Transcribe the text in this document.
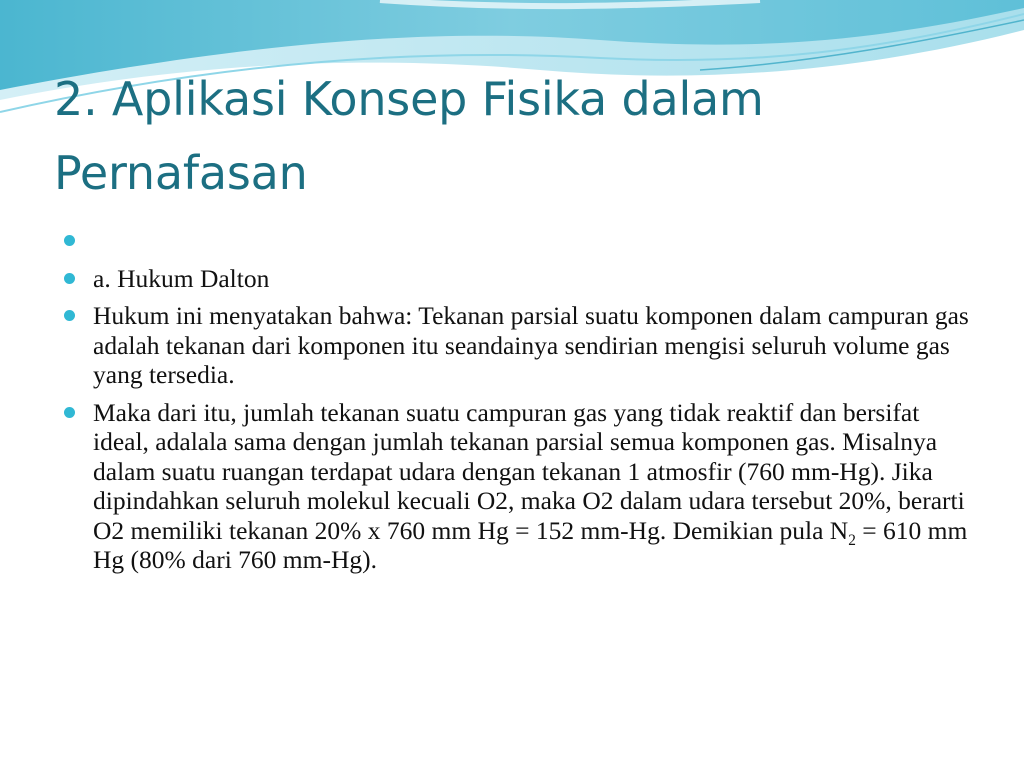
2. Aplikasi Konsep Fisika dalam
Pernafasan
a. Hukum Dalton
Hukum ini menyatakan bahwa: Tekanan parsial suatu komponen dalam campuran gas adalah tekanan dari komponen itu seandainya sendirian mengisi seluruh volume gas yang tersedia.
Maka dari itu, jumlah tekanan suatu campuran gas yang tidak reaktif dan bersifat ideal, adalala sama dengan jumlah tekanan parsial semua komponen gas. Misalnya dalam suatu ruangan terdapat udara dengan tekanan 1 atmosfir (760 mm-Hg). Jika dipindahkan seluruh molekul kecuali O2, maka O2 dalam udara tersebut 20%, berarti O2 memiliki tekanan 20% x 760 mm Hg = 152 mm-Hg. Demikian pula $N_2 = 610$ mm Hg (80% dari 760 mm-Hg).
